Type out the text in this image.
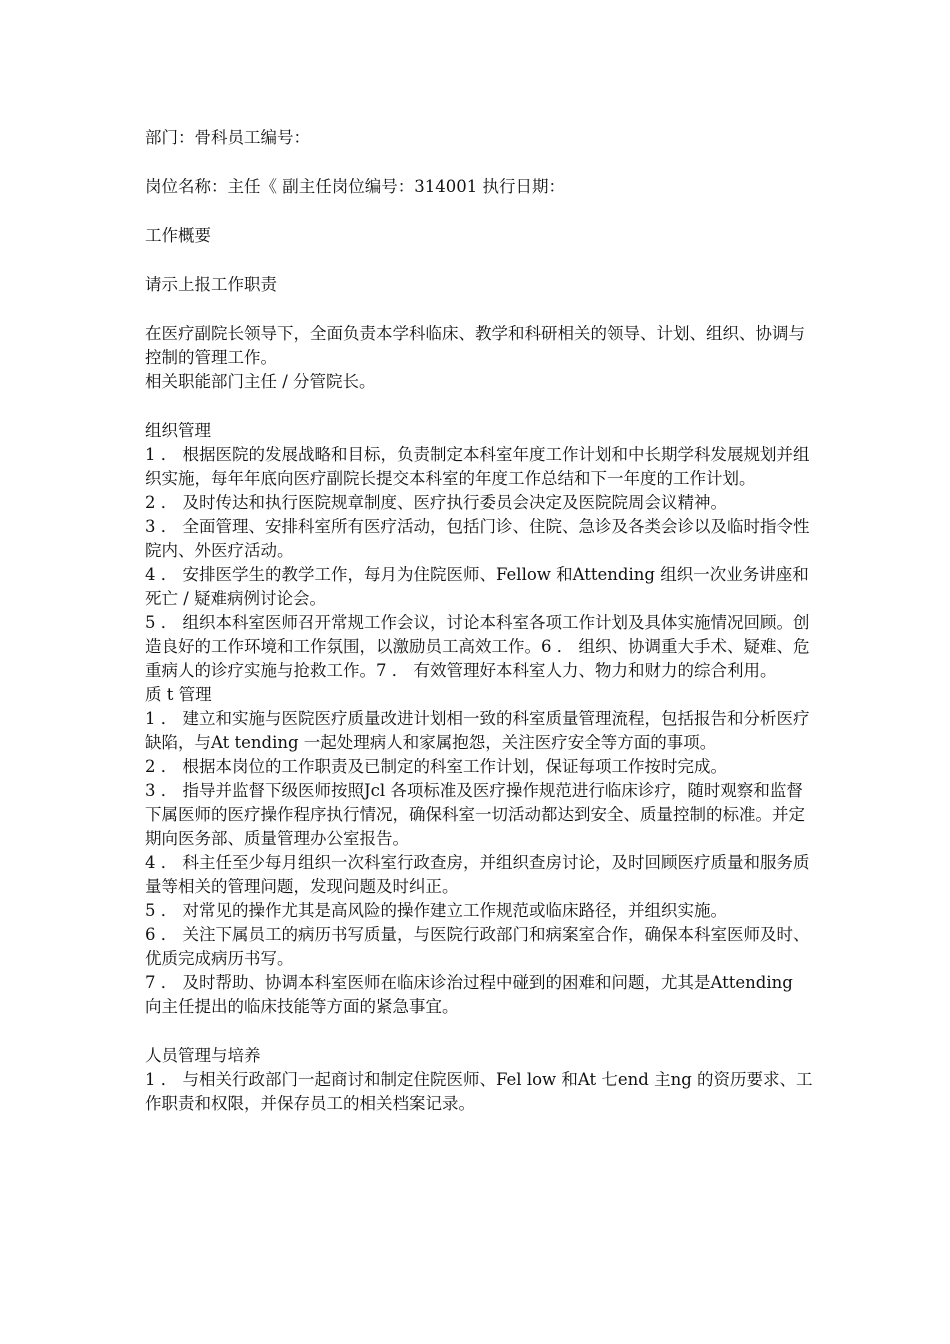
部门：骨科员工编号：

岗位名称：主任《 副主任岗位编号：314001 执行日期：

工作概要

请示上报工作职责

在医疗副院长领导下，全面负责本学科临床、教学和科研相关的领导、计划、组织、协调与控制的管理工作。

相关职能部门主任 / 分管院长。

组织管理

1 ． 根据医院的发展战略和目标，负责制定本科室年度工作计划和中长期学科发展规划并组织实施，每年年底向医疗副院长提交本科室的年度工作总结和下一年度的工作计划。

2 ． 及时传达和执行医院规章制度、医疗执行委员会决定及医院院周会议精神。

3 ． 全面管理、安排科室所有医疗活动，包括门诊、住院、急诊及各类会诊以及临时指令性院内、外医疗活动。

4 ． 安排医学生的教学工作，每月为住院医师、Fellow 和Attending 组织一次业务讲座和死亡 / 疑难病例讨论会。

5 ． 组织本科室医师召开常规工作会议，讨论本科室各项工作计划及具体实施情况回顾。创造良好的工作环境和工作氛围，以激励员工高效工作。6 ． 组织、协调重大手术、疑难、危重病人的诊疗实施与抢救工作。7 ． 有效管理好本科室人力、物力和财力的综合利用。

质 t 管理

1 ． 建立和实施与医院医疗质量改进计划相一致的科室质量管理流程，包括报告和分析医疗缺陷，与At tending 一起处理病人和家属抱怨，关注医疗安全等方面的事项。

2 ． 根据本岗位的工作职责及已制定的科室工作计划，保证每项工作按时完成。

3 ． 指导并监督下级医师按照Jcl 各项标准及医疗操作规范进行临床诊疗，随时观察和监督下属医师的医疗操作程序执行情况，确保科室一切活动都达到安全、质量控制的标准。并定期向医务部、质量管理办公室报告。

4 ． 科主任至少每月组织一次科室行政查房，并组织查房讨论，及时回顾医疗质量和服务质量等相关的管理问题，发现问题及时纠正。

5 ． 对常见的操作尤其是高风险的操作建立工作规范或临床路径，并组织实施。

6 ． 关注下属员工的病历书写质量，与医院行政部门和病案室合作，确保本科室医师及时、优质完成病历书写。

7 ． 及时帮助、协调本科室医师在临床诊治过程中碰到的困难和问题，尤其是Attending 向主任提出的临床技能等方面的紧急事宜。

人员管理与培养

1 ． 与相关行政部门一起商讨和制定住院医师、Fel low 和At 七end 主ng 的资历要求、工作职责和权限，并保存员工的相关档案记录。
